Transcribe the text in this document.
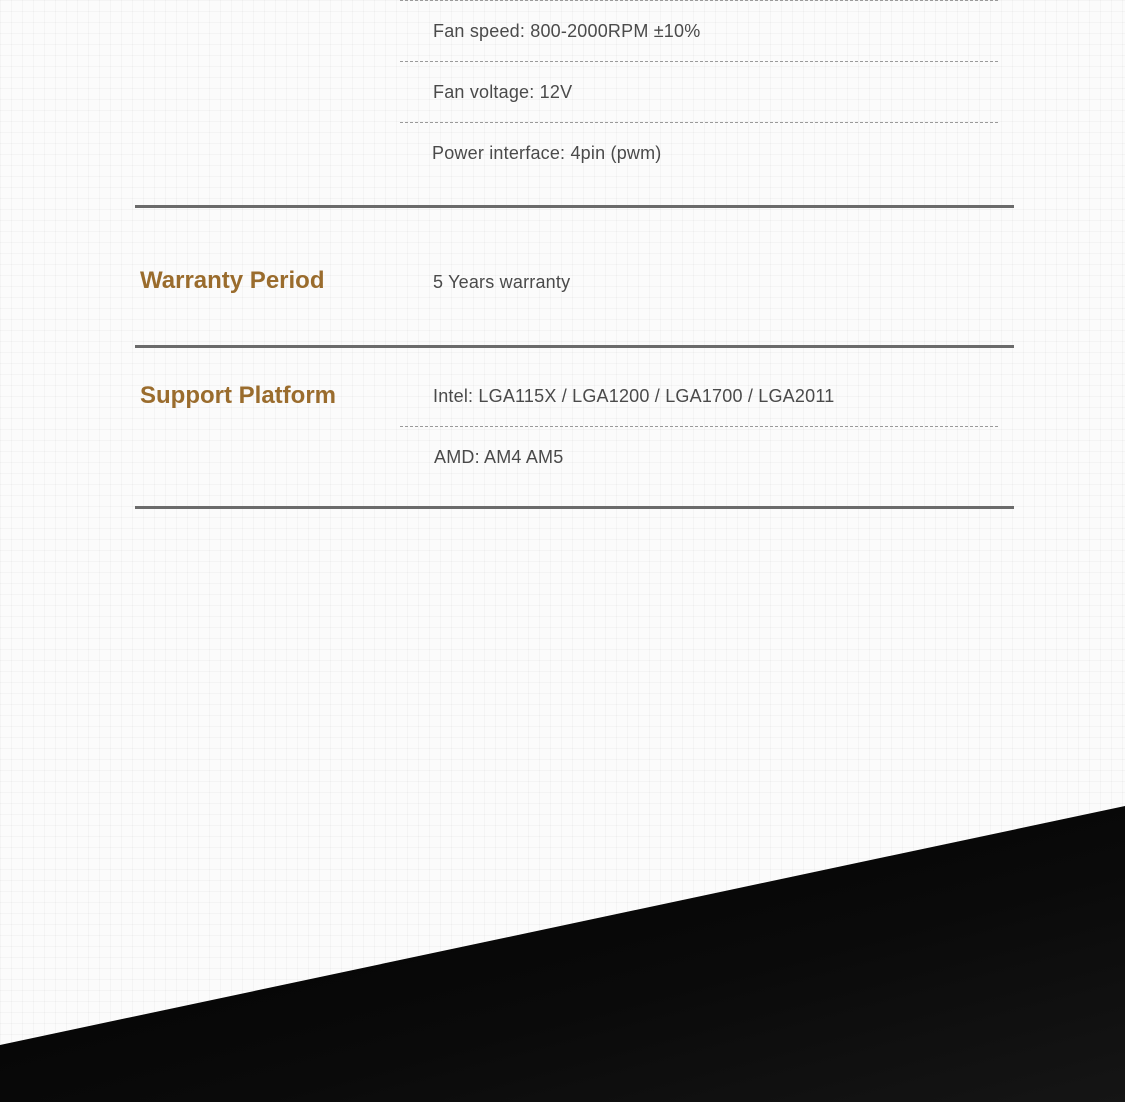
Fan speed: 800-2000RPM ±10%
Fan voltage: 12V
Power interface: 4pin (pwm)
Warranty Period	5 Years warranty
Support Platform	Intel: LGA115X / LGA1200 / LGA1700 / LGA2011
AMD: AM4 AM5
